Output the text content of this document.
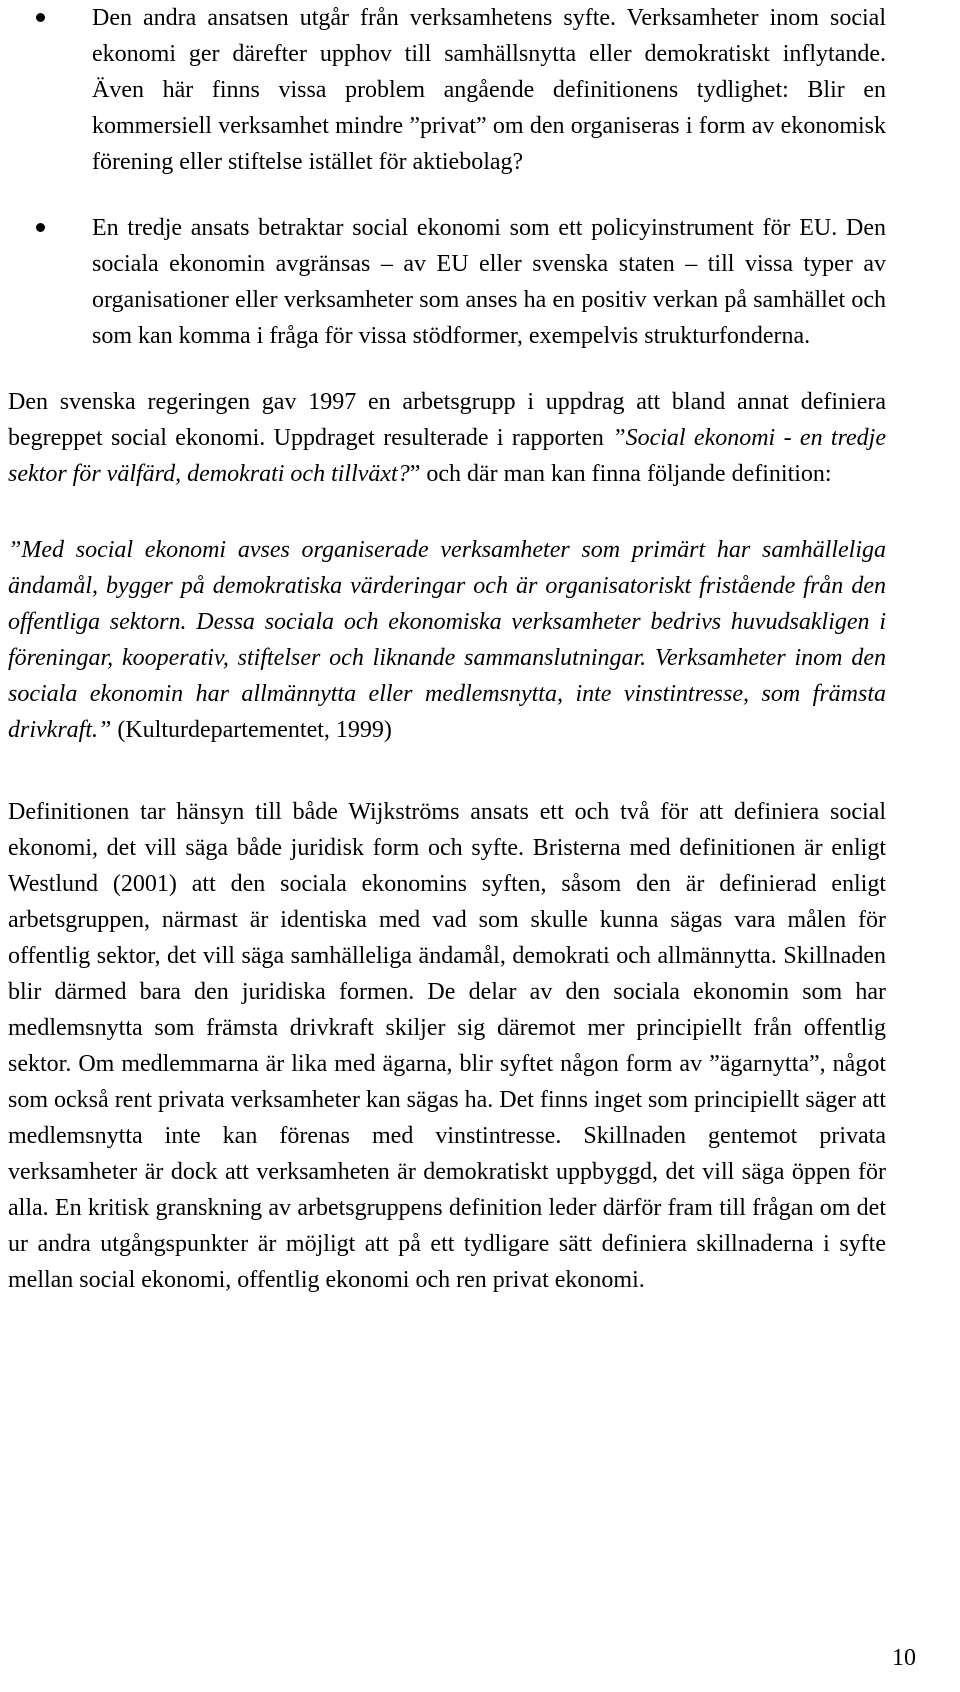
Den andra ansatsen utgår från verksamhetens syfte. Verksamheter inom social ekonomi ger därefter upphov till samhällsnytta eller demokratiskt inflytande. Även här finns vissa problem angående definitionens tydlighet: Blir en kommersiell verksamhet mindre ”privat” om den organiseras i form av ekonomisk förening eller stiftelse istället för aktiebolag?
En tredje ansats betraktar social ekonomi som ett policyinstrument för EU. Den sociala ekonomin avgränsas – av EU eller svenska staten – till vissa typer av organisationer eller verksamheter som anses ha en positiv verkan på samhället och som kan komma i fråga för vissa stödformer, exempelvis strukturfonderna.

Den svenska regeringen gav 1997 en arbetsgrupp i uppdrag att bland annat definiera begreppet social ekonomi. Uppdraget resulterade i rapporten ”Social ekonomi - en tredje sektor för välfärd, demokrati och tillväxt?” och där man kan finna följande definition:

”Med social ekonomi avses organiserade verksamheter som primärt har samhälleliga ändamål, bygger på demokratiska värderingar och är organisatoriskt fristående från den offentliga sektorn. Dessa sociala och ekonomiska verksamheter bedrivs huvudsakligen i föreningar, kooperativ, stiftelser och liknande sammanslutningar. Verksamheter inom den sociala ekonomin har allmännytta eller medlemsnytta, inte vinstintresse, som främsta drivkraft.” (Kulturdepartementet, 1999)

Definitionen tar hänsyn till både Wijkströms ansats ett och två för att definiera social ekonomi, det vill säga både juridisk form och syfte. Bristerna med definitionen är enligt Westlund (2001) att den sociala ekonomins syften, såsom den är definierad enligt arbetsgruppen, närmast är identiska med vad som skulle kunna sägas vara målen för offentlig sektor, det vill säga samhälleliga ändamål, demokrati och allmännytta. Skillnaden blir därmed bara den juridiska formen. De delar av den sociala ekonomin som har medlemsnytta som främsta drivkraft skiljer sig däremot mer principiellt från offentlig sektor. Om medlemmarna är lika med ägarna, blir syftet någon form av ”ägarnytta”, något som också rent privata verksamheter kan sägas ha. Det finns inget som principiellt säger att medlemsnytta inte kan förenas med vinstintresse. Skillnaden gentemot privata verksamheter är dock att verksamheten är demokratiskt uppbyggd, det vill säga öppen för alla. En kritisk granskning av arbetsgruppens definition leder därför fram till frågan om det ur andra utgångspunkter är möjligt att på ett tydligare sätt definiera skillnaderna i syfte mellan social ekonomi, offentlig ekonomi och ren privat ekonomi.

10
